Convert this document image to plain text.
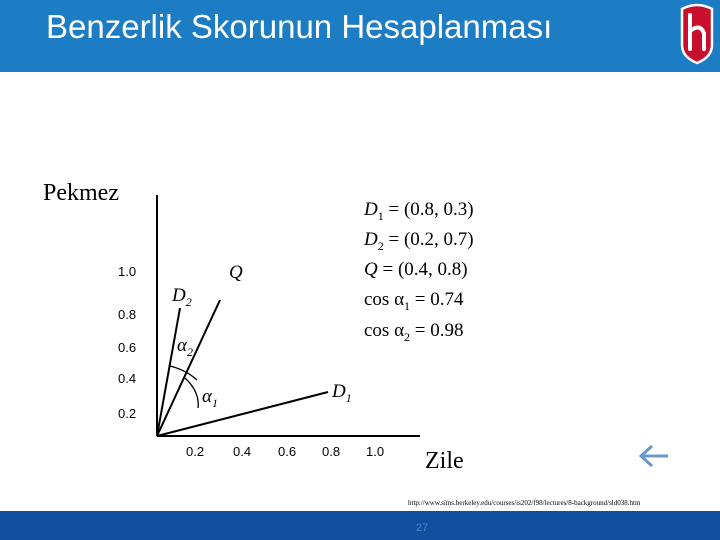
Benzerlik Skorunun Hesaplanması
Pekmez
1.0
0.8
0.6
0.4
0.2
0.2 0.4 0.6 0.8 1.0
Q
$D_2$
$D_1$
$\alpha_2$
$\alpha_1$
$D_1 = (0.8$, 0.3)
$D_2 = (0.2$, 0.7)
Q = (0.4, 0.8)
$\cos \alpha_1 = 0.74$
$\cos \alpha_2 = 0.98$
Zile
http://www.sims.berkeley.edu/courses/is202/f98/lectures/8-background/sld038.htm
27
